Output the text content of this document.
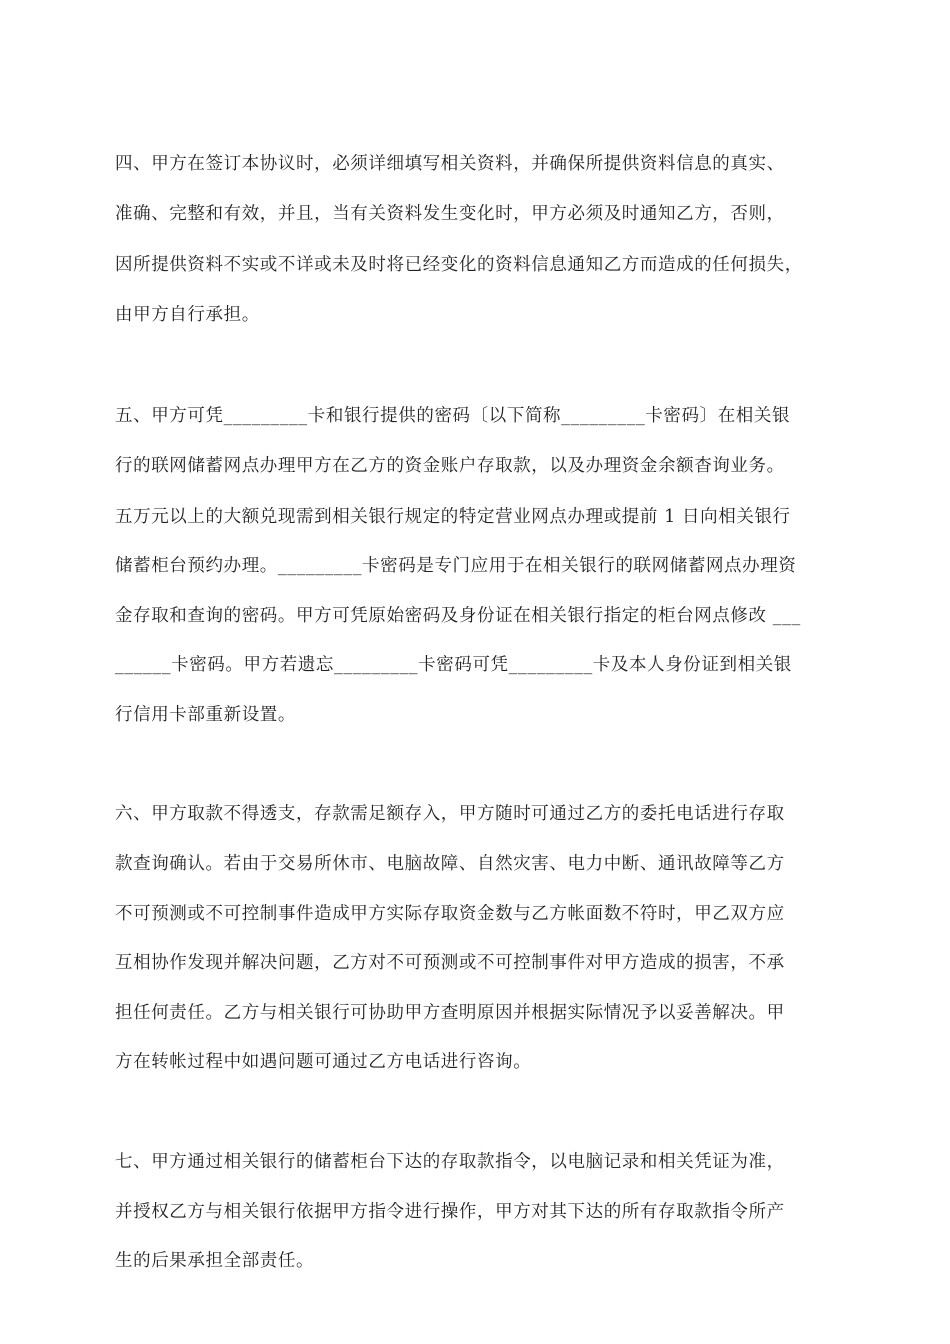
四、甲方在签订本协议时，必须详细填写相关资料，并确保所提供资料信息的真实、
准确、完整和有效，并且，当有关资料发生变化时，甲方必须及时通知乙方，否则，
因所提供资料不实或不详或未及时将已经变化的资料信息通知乙方而造成的任何损失，
由甲方自行承担。
五、甲方可凭_________卡和银行提供的密码〔以下简称_________卡密码〕在相关银
行的联网储蓄网点办理甲方在乙方的资金账户存取款，以及办理资金余额杳询业务。
五万元以上的大额兑现需到相关银行规定的特定营业网点办理或提前 1 日向相关银行
储蓄柜台预约办理。_________卡密码是专门应用于在相关银行的联网储蓄网点办理资
金存取和查询的密码。甲方可凭原始密码及身份证在相关银行指定的柜台网点修改 ___
______卡密码。甲方若遗忘_________卡密码可凭_________卡及本人身份证到相关银
行信用卡部重新设置。
六、甲方取款不得透支，存款需足额存入，甲方随时可通过乙方的委托电话进行存取
款查询确认。若由于交易所休市、电脑故障、自然灾害、电力中断、通讯故障等乙方
不可预测或不可控制事件造成甲方实际存取资金数与乙方帐面数不符时，甲乙双方应
互相协作发现并解决问题，乙方对不可预测或不可控制事件对甲方造成的损害，不承
担任何责任。乙方与相关银行可协助甲方查明原因并根据实际情况予以妥善解决。甲
方在转帐过程中如遇问题可通过乙方电话进行咨询。
七、甲方通过相关银行的储蓄柜台下达的存取款指令，以电脑记录和相关凭证为准，
并授权乙方与相关银行依据甲方指令进行操作，甲方对其下达的所有存取款指令所产
生的后果承担全部责任。
